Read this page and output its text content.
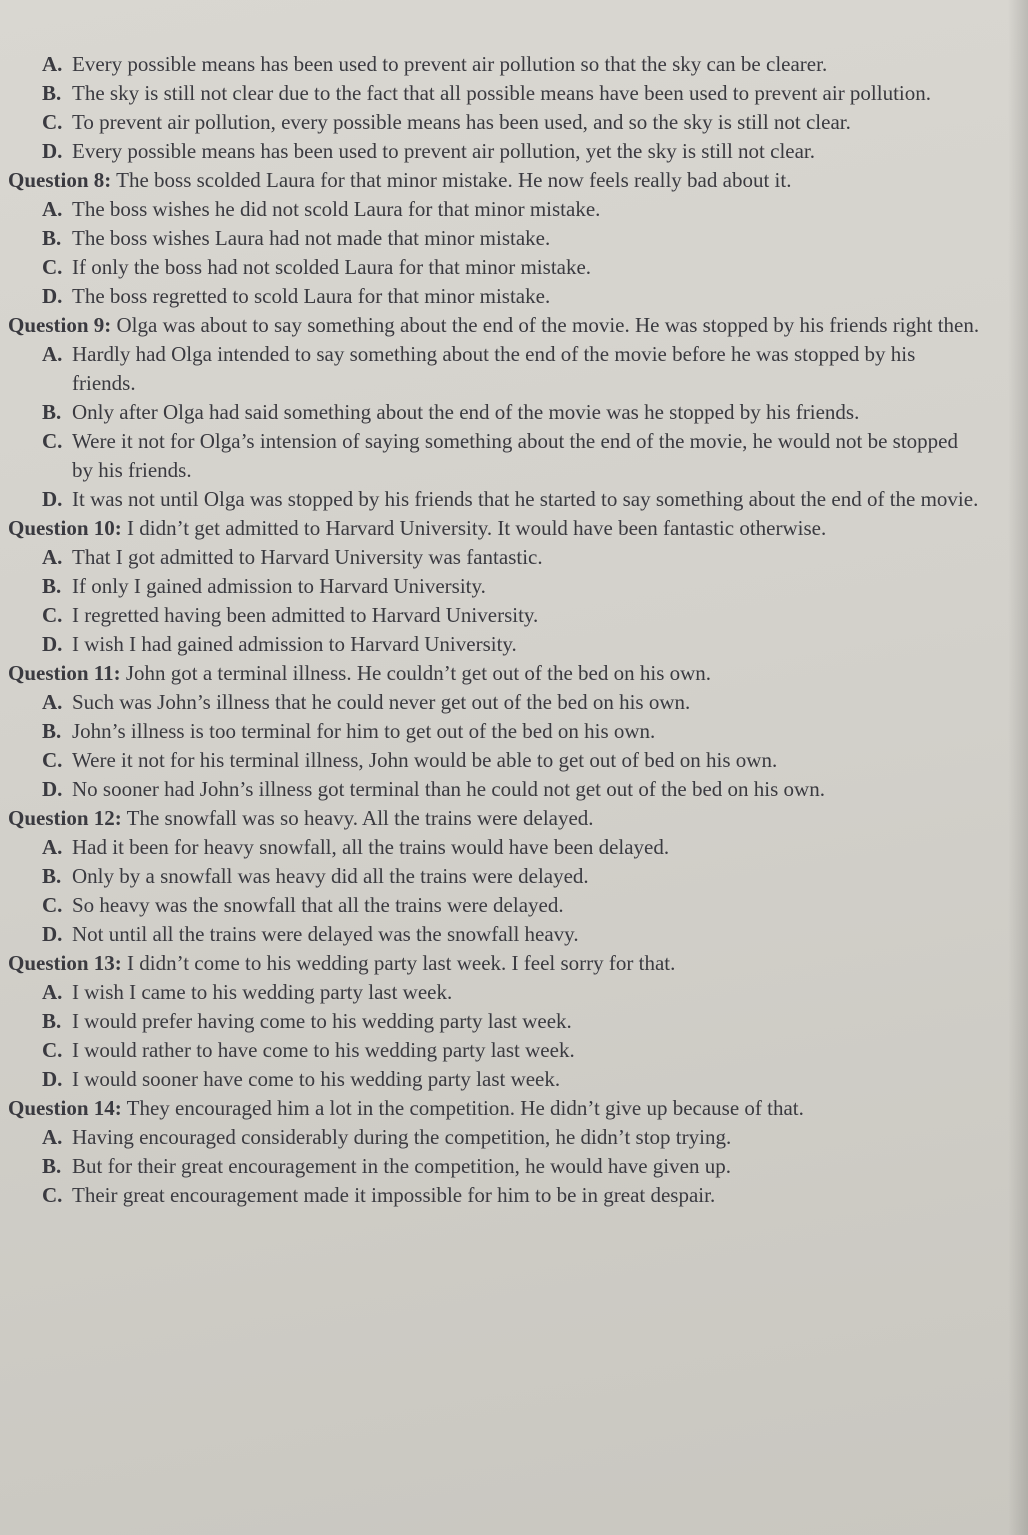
A. Every possible means has been used to prevent air pollution so that the sky can be clearer.
B. The sky is still not clear due to the fact that all possible means have been used to prevent air pollution.
C. To prevent air pollution, every possible means has been used, and so the sky is still not clear.
D. Every possible means has been used to prevent air pollution, yet the sky is still not clear.
Question 8: The boss scolded Laura for that minor mistake. He now feels really bad about it.
A. The boss wishes he did not scold Laura for that minor mistake.
B. The boss wishes Laura had not made that minor mistake.
C. If only the boss had not scolded Laura for that minor mistake.
D. The boss regretted to scold Laura for that minor mistake.
Question 9: Olga was about to say something about the end of the movie. He was stopped by his friends right then.
A. Hardly had Olga intended to say something about the end of the movie before he was stopped by his friends.
B. Only after Olga had said something about the end of the movie was he stopped by his friends.
C. Were it not for Olga’s intension of saying something about the end of the movie, he would not be stopped by his friends.
D. It was not until Olga was stopped by his friends that he started to say something about the end of the movie.
Question 10: I didn’t get admitted to Harvard University. It would have been fantastic otherwise.
A. That I got admitted to Harvard University was fantastic.
B. If only I gained admission to Harvard University.
C. I regretted having been admitted to Harvard University.
D. I wish I had gained admission to Harvard University.
Question 11: John got a terminal illness. He couldn’t get out of the bed on his own.
A. Such was John’s illness that he could never get out of the bed on his own.
B. John’s illness is too terminal for him to get out of the bed on his own.
C. Were it not for his terminal illness, John would be able to get out of bed on his own.
D. No sooner had John’s illness got terminal than he could not get out of the bed on his own.
Question 12: The snowfall was so heavy. All the trains were delayed.
A. Had it been for heavy snowfall, all the trains would have been delayed.
B. Only by a snowfall was heavy did all the trains were delayed.
C. So heavy was the snowfall that all the trains were delayed.
D. Not until all the trains were delayed was the snowfall heavy.
Question 13: I didn’t come to his wedding party last week. I feel sorry for that.
A. I wish I came to his wedding party last week.
B. I would prefer having come to his wedding party last week.
C. I would rather to have come to his wedding party last week.
D. I would sooner have come to his wedding party last week.
Question 14: They encouraged him a lot in the competition. He didn’t give up because of that.
A. Having encouraged considerably during the competition, he didn’t stop trying.
B. But for their great encouragement in the competition, he would have given up.
C. Their great encouragement made it impossible for him to be in great despair.
